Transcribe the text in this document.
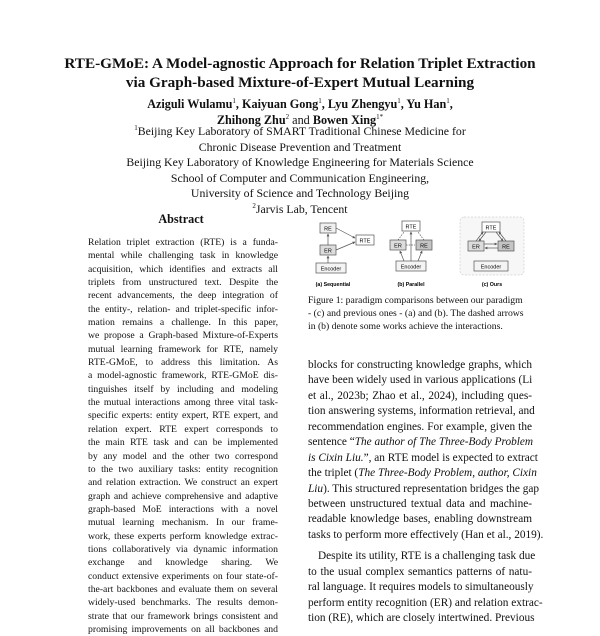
RTE-GMoE: A Model-agnostic Approach for Relation Triplet Extraction
via Graph-based Mixture-of-Expert Mutual Learning
Aziguli Wulamu$^1$, Kaiyuan Gong$^1$, Lyu Zhengyu$^1$, Yu Han$^1$,
Zhihong Zhu$^2$ and Bowen Xing$^{1*}$
$^1$Beijing Key Laboratory of SMART Traditional Chinese Medicine for
Chronic Disease Prevention and Treatment
Beijing Key Laboratory of Knowledge Engineering for Materials Science
School of Computer and Communication Engineering,
University of Science and Technology Beijing
$^2$Jarvis Lab, Tencent
Abstract
Relation triplet extraction (RTE) is a funda-
mental while challenging task in knowledge
acquisition, which identifies and extracts all
triplets from unstructured text. Despite the
recent advancements, the deep integration of
the entity-, relation- and triplet-specific infor-
mation remains a challenge. In this paper,
we propose a Graph-based Mixture-of-Experts
mutual learning framework for RTE, namely
RTE-GMoE, to address this limitation. As
a model-agnostic framework, RTE-GMoE dis-
tinguishes itself by including and modeling
the mutual interactions among three vital task-
specific experts: entity expert, RTE expert, and
relation expert. RTE expert corresponds to
the main RTE task and can be implemented
by any model and the other two correspond
to the two auxiliary tasks: entity recognition
and relation extraction. We construct an expert
graph and achieve comprehensive and adaptive
graph-based MoE interactions with a novel
mutual learning mechanism. In our frame-
work, these experts perform knowledge extrac-
tions collaboratively via dynamic information
exchange and knowledge sharing. We
conduct extensive experiments on four state-of-
the-art backbones and evaluate them on several
widely-used benchmarks. The results demon-
strate that our framework brings consistent and
promising improvements on all backbones and
RE
RTE
ER
Encoder
(a) Sequential
RTE
ER	RE
Encoder
(b) Parallel
RTE
ER	RE
Encoder
(c) Ours
Figure 1: paradigm comparisons between our paradigm
- (c) and previous ones - (a) and (b). The dashed arrows
in (b) denote some works achieve the interactions.
blocks for constructing knowledge graphs, which
have been widely used in various applications (Li
et al., 2023b; Zhao et al., 2024), including ques-
tion answering systems, information retrieval, and
recommendation engines. For example, given the
sentence “The author of The Three-Body Problem
is Cixin Liu.”, an RTE model is expected to extract
the triplet (The Three-Body Problem, author, Cixin
Liu). This structured representation bridges the gap
between unstructured textual data and machine-
readable knowledge bases, enabling downstream
tasks to perform more effectively (Han et al., 2019).
Despite its utility, RTE is a challenging task due
to the usual complex semantics patterns of natu-
ral language. It requires models to simultaneously
perform entity recognition (ER) and relation extrac-
tion (RE), which are closely intertwined. Previous
